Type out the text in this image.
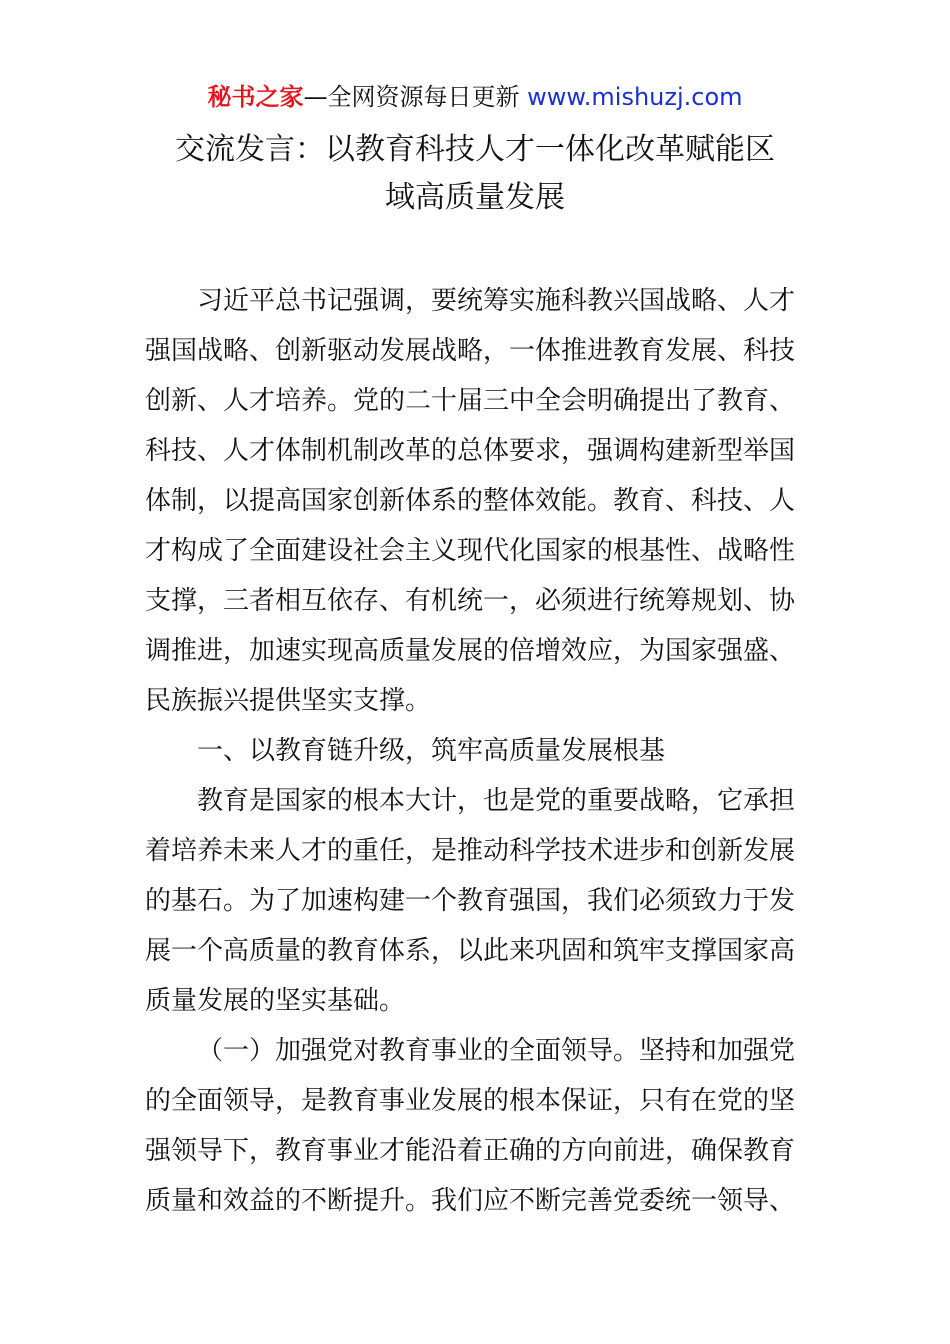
秘书之家—全网资源每日更新 www.mishuzj.com
交流发言：以教育科技人才一体化改革赋能区
域高质量发展
习近平总书记强调，要统筹实施科教兴国战略、人才
强国战略、创新驱动发展战略，一体推进教育发展、科技
创新、人才培养。党的二十届三中全会明确提出了教育、
科技、人才体制机制改革的总体要求，强调构建新型举国
体制，以提高国家创新体系的整体效能。教育、科技、人
才构成了全面建设社会主义现代化国家的根基性、战略性
支撑，三者相互依存、有机统一，必须进行统筹规划、协
调推进，加速实现高质量发展的倍增效应，为国家强盛、
民族振兴提供坚实支撑。
一、以教育链升级，筑牢高质量发展根基
教育是国家的根本大计，也是党的重要战略，它承担
着培养未来人才的重任，是推动科学技术进步和创新发展
的基石。为了加速构建一个教育强国，我们必须致力于发
展一个高质量的教育体系，以此来巩固和筑牢支撑国家高
质量发展的坚实基础。
（一）加强党对教育事业的全面领导。坚持和加强党
的全面领导，是教育事业发展的根本保证，只有在党的坚
强领导下，教育事业才能沿着正确的方向前进，确保教育
质量和效益的不断提升。我们应不断完善党委统一领导、
